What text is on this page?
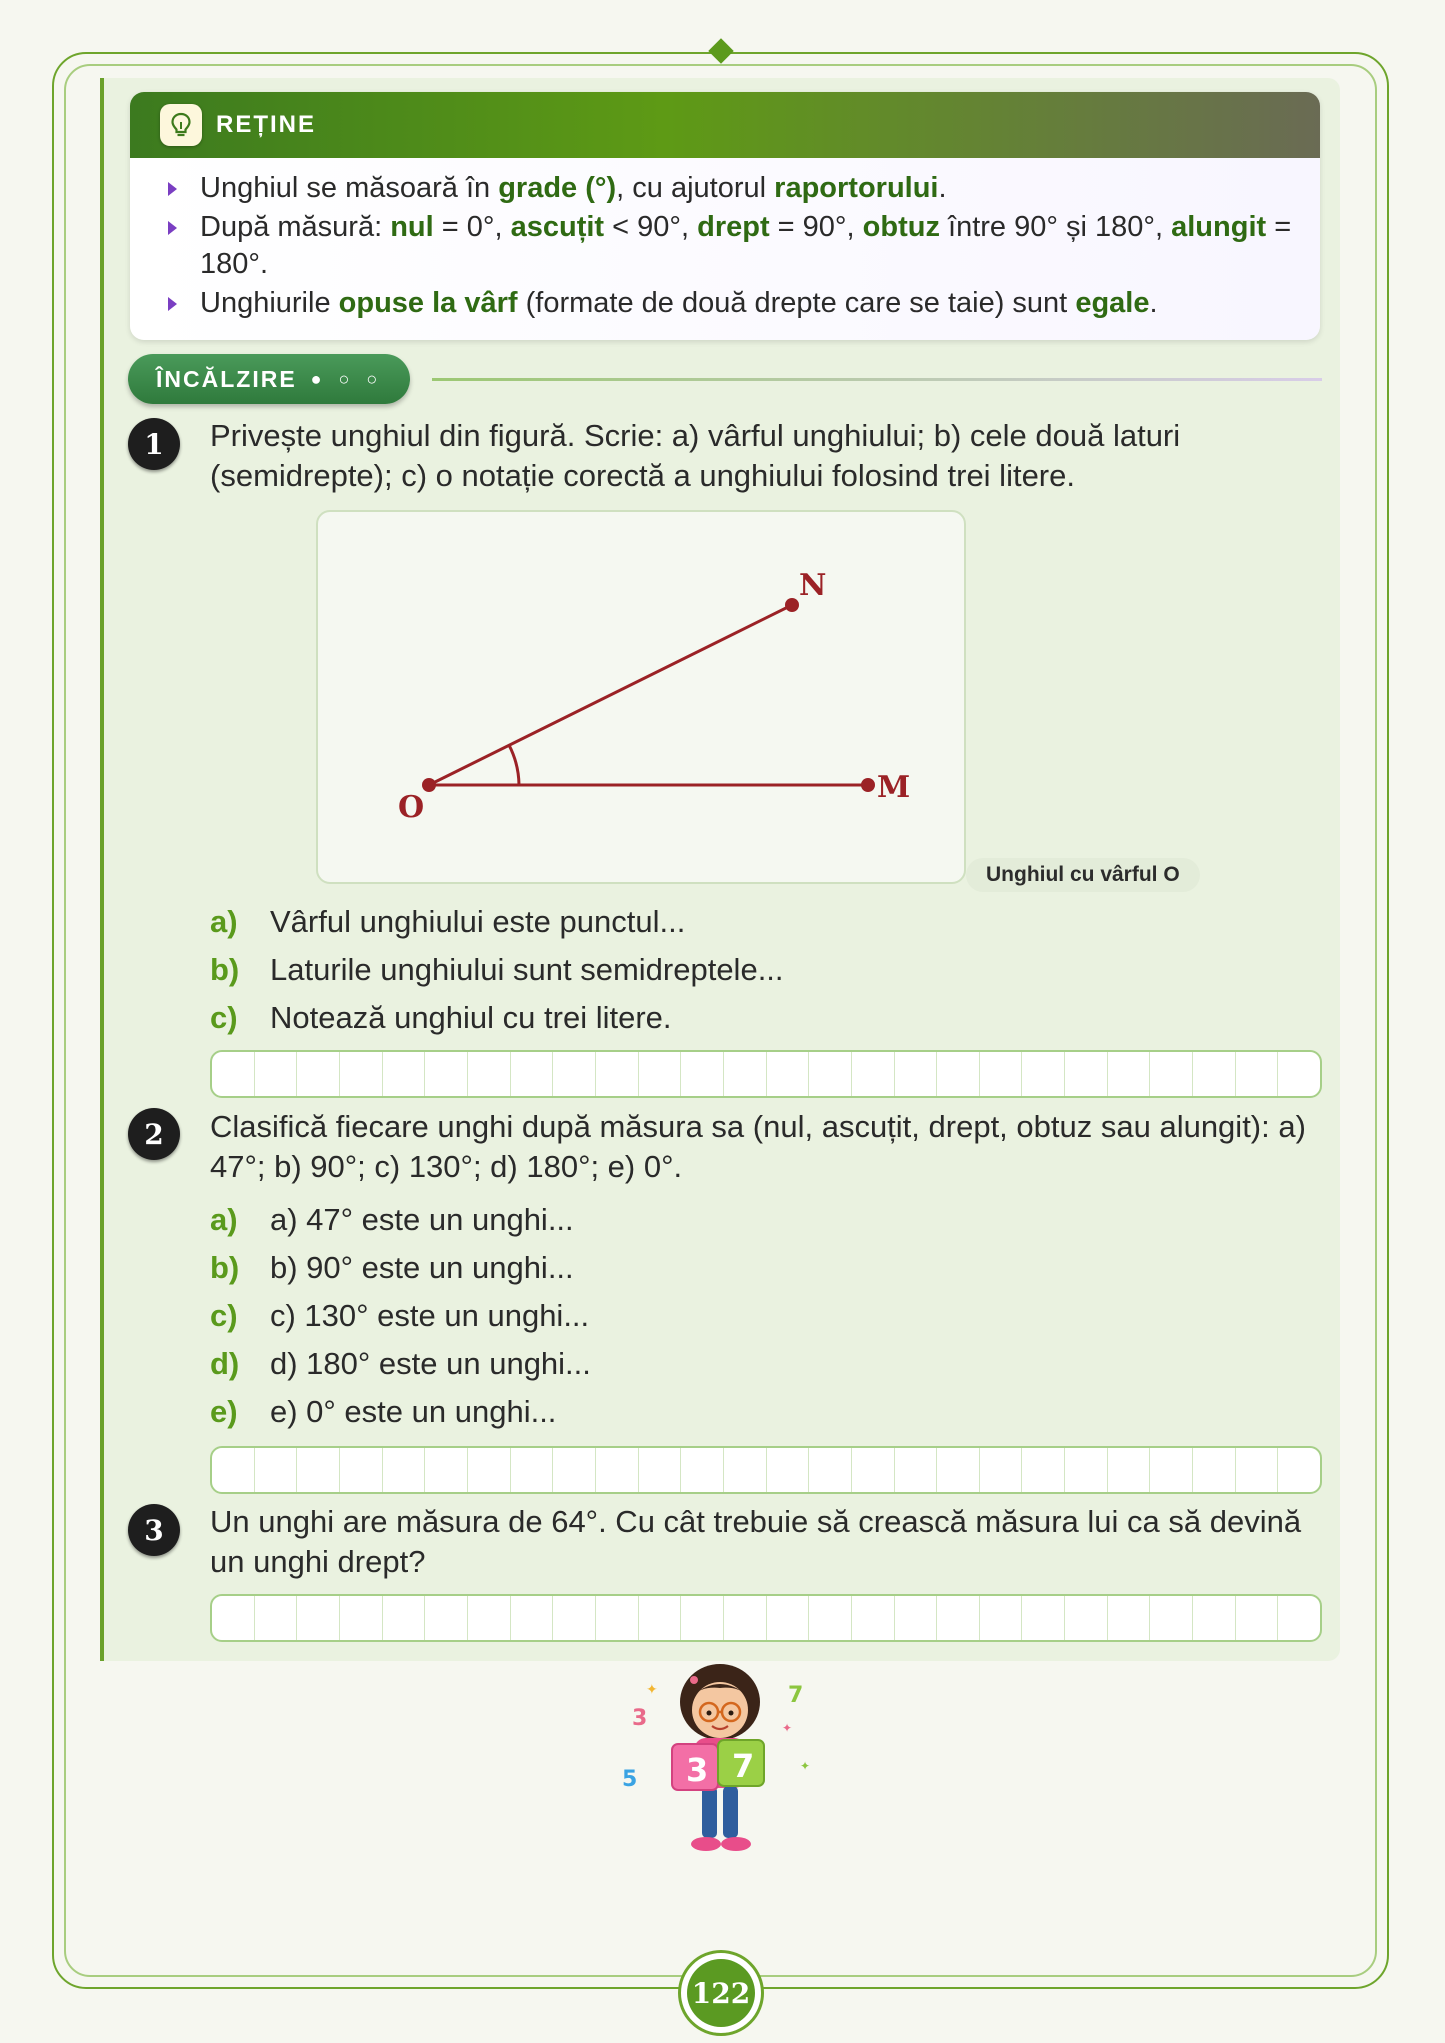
REȚINE
Unghiul se măsoară în grade (°), cu ajutorul raportorului.
După măsură: nul = 0°, ascuțit < 90°, drept = 90°, obtuz între 90° și 180°, alungit = 180°.
Unghiurile opuse la vârf (formate de două drepte care se taie) sunt egale.
ÎNCĂLZIRE ● ○ ○
1	Privește unghiul din figură. Scrie: a) vârful unghiului; b) cele două laturi (semidrepte); c) o notație corectă a unghiului folosind trei litere.
O
N
M
Unghiul cu vârful O
a)	Vârful unghiului este punctul...
b) Laturile unghiului sunt semidreptele...
c)	Notează unghiul cu trei litere.
2	Clasifică fiecare unghi după măsura sa (nul, ascuțit, drept, obtuz sau alungit): a) 47°; b) 90°; c) 130°; d) 180°; e) 0°.
a)	a) 47° este un unghi...
b) b) 90° este un unghi...
c)	c) 130° este un unghi...
d) d) 180° este un unghi...
e)	e) 0° este un unghi...
3	Un unghi are măsura de 64°. Cu cât trebuie să crească măsura lui ca să devină un unghi drept?
3
7
5
✦
✦
✦
3 7
122
